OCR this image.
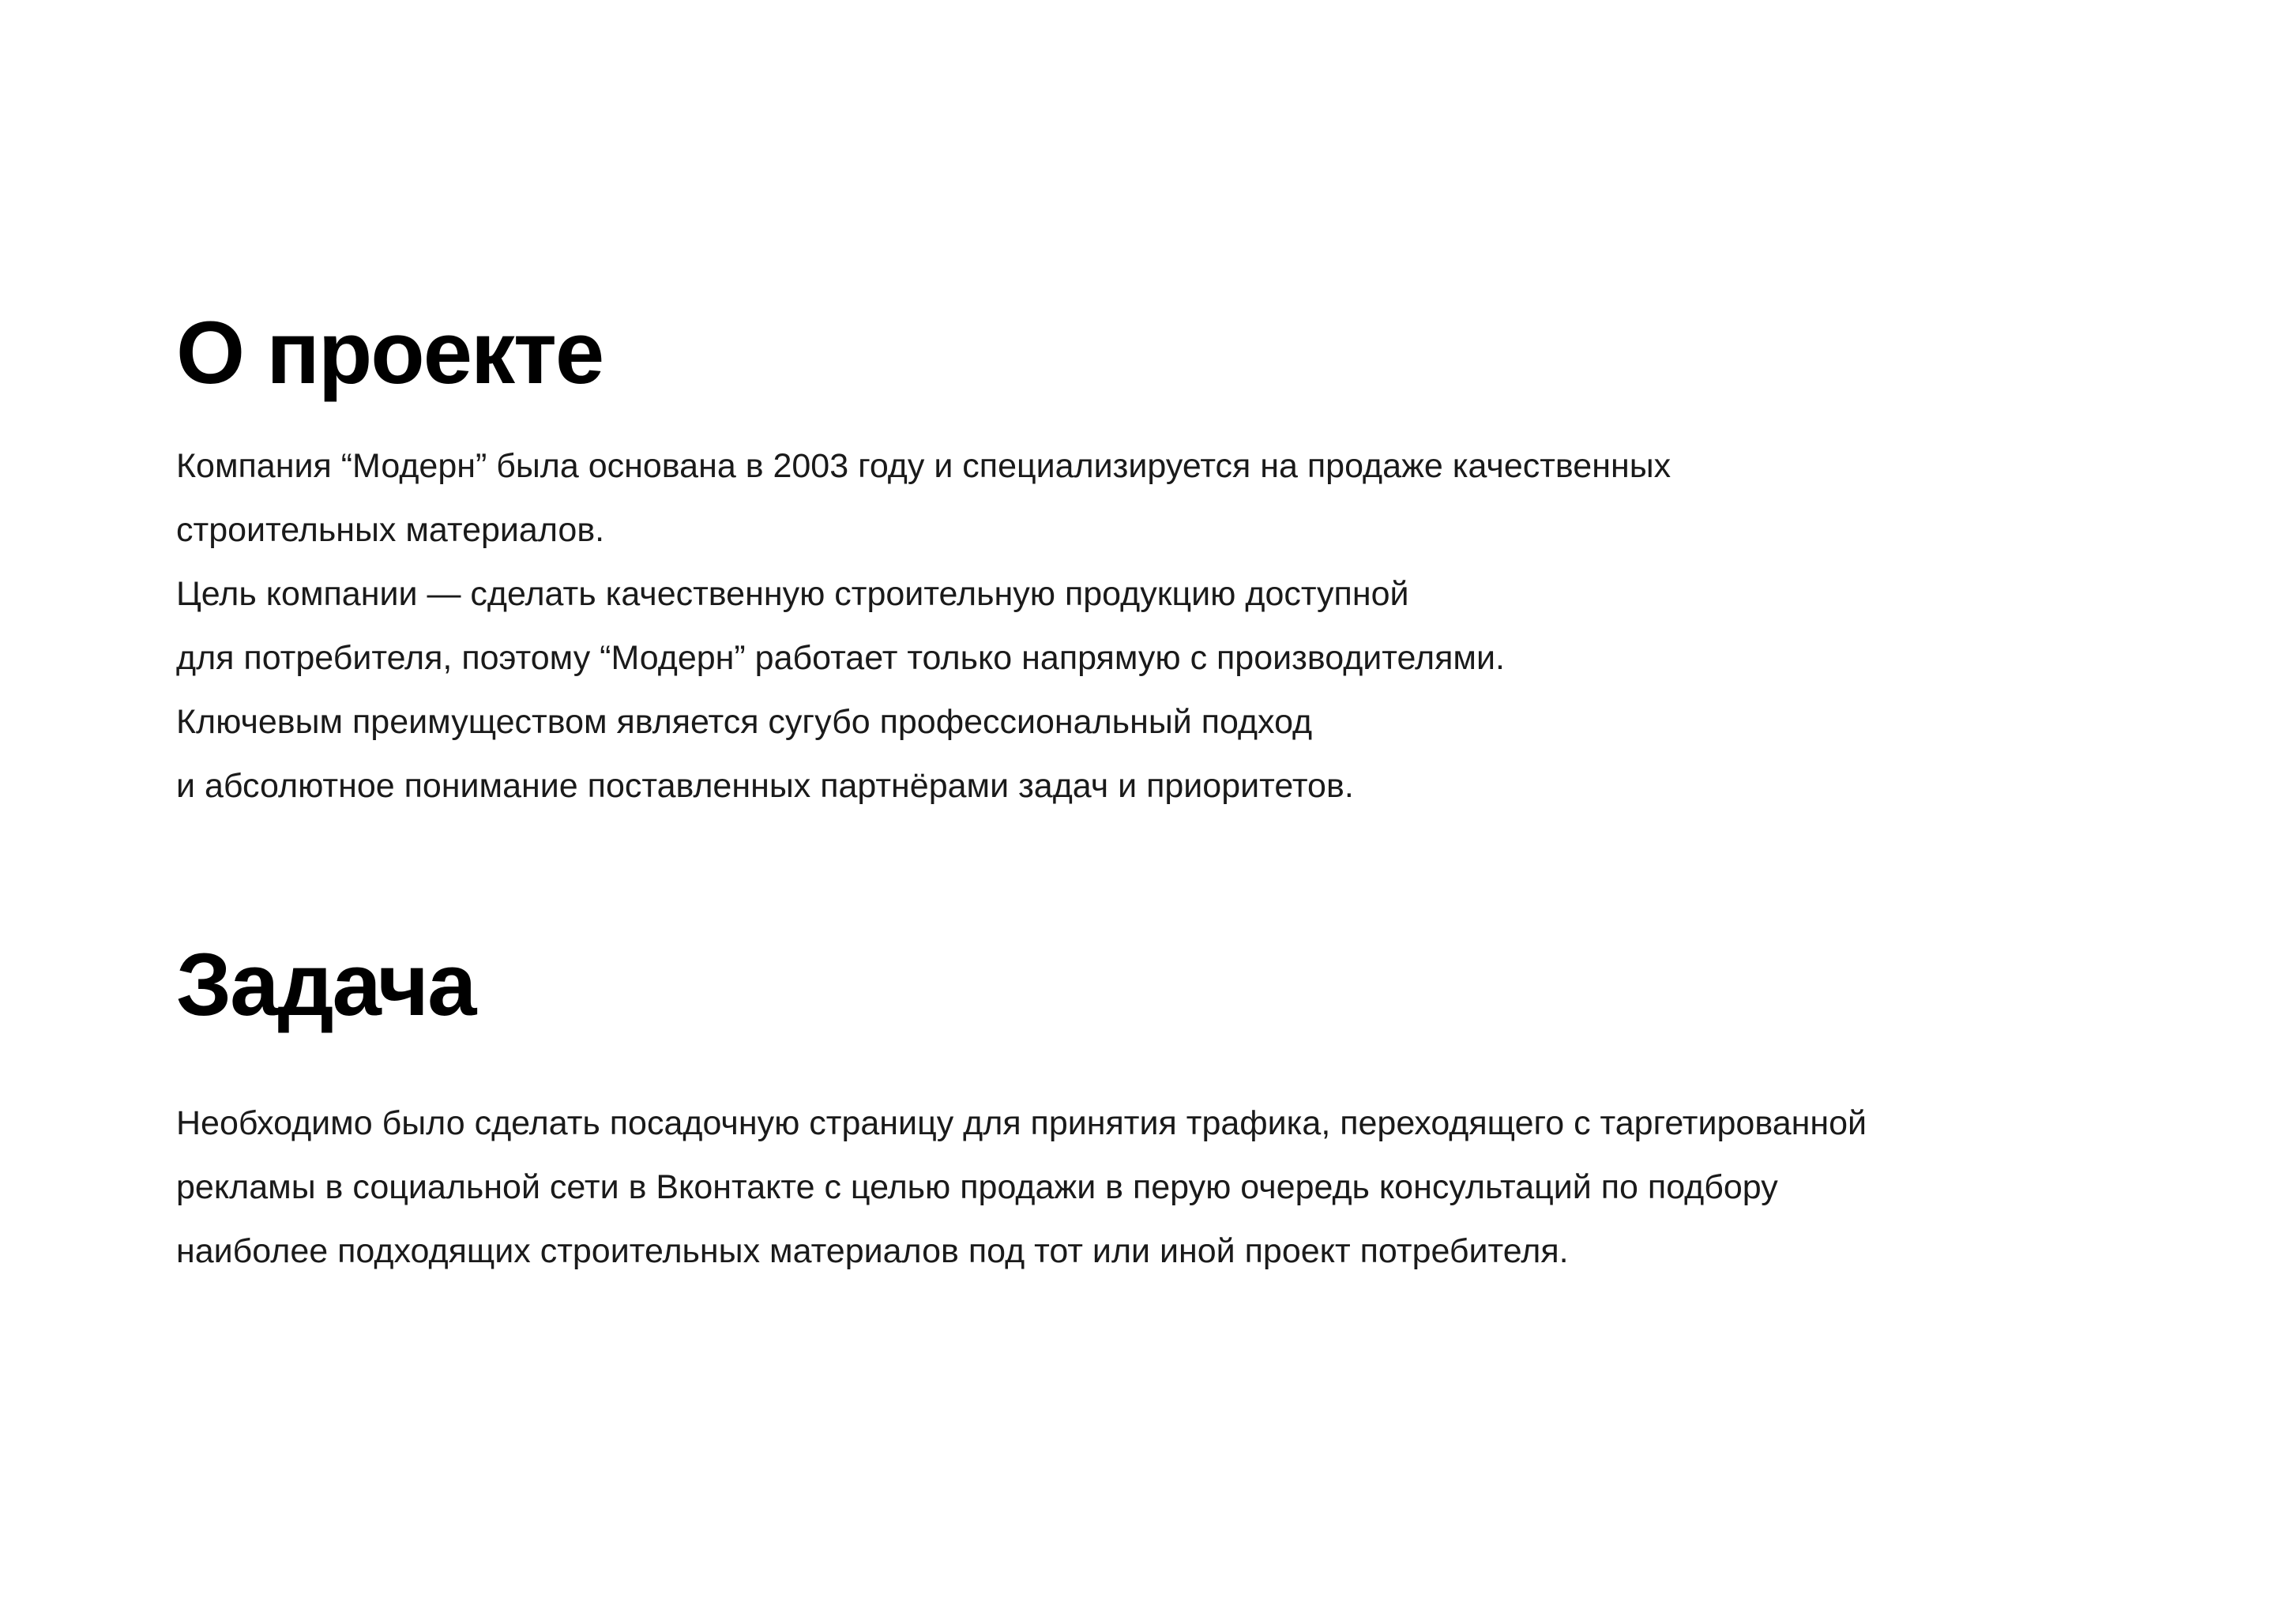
О проекте

Компания “Модерн” была основана в 2003 году и специализируется на продаже качественных
строительных материалов.
Цель компании — сделать качественную строительную продукцию доступной
для потребителя, поэтому “Модерн” работает только напрямую с производителями.
Ключевым преимуществом является сугубо профессиональный подход
и абсолютное понимание поставленных партнёрами задач и приоритетов.

Задача

Необходимо было сделать посадочную страницу для принятия трафика, переходящего с таргетированной
рекламы в социальной сети в Вконтакте с целью продажи в перую очередь консультаций по подбору
наиболее подходящих строительных материалов под тот или иной проект потребителя.
